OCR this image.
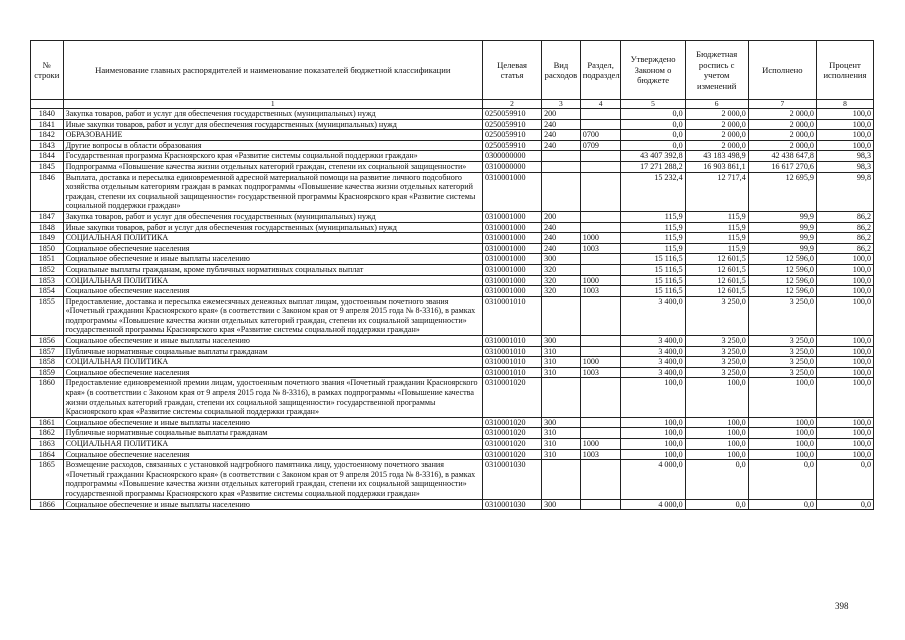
№ строки	Наименование главных распорядителей и наименование показателей бюджетной классификации	Целевая статья	Вид расходов	Раздел, подраздел	Утверждено Законом о бюджете	Бюджетная роспись с учетом изменений	Исполнено	Процент исполнения
	1	2	3	4	5	6	7	8
1840	Закупка товаров, работ и услуг для обеспечения государственных (муниципальных) нужд	0250059910	200		0,0	2 000,0	2 000,0	100,0
1841	Иные закупки товаров, работ и услуг для обеспечения государственных (муниципальных) нужд	0250059910	240		0,0	2 000,0	2 000,0	100,0
1842	ОБРАЗОВАНИЕ	0250059910	240	0700	0,0	2 000,0	2 000,0	100,0
1843	Другие вопросы в области образования	0250059910	240	0709	0,0	2 000,0	2 000,0	100,0
1844	Государственная программа Красноярского края «Развитие системы социальной поддержки граждан»	0300000000			43 407 392,8	43 183 498,9	42 438 647,8	98,3
1845	Подпрограмма «Повышение качества жизни отдельных категорий граждан, степени их социальной защищенности»	0310000000			17 271 288,2	16 903 861,1	16 617 270,6	98,3
1846	Выплата, доставка и пересылка единовременной адресной материальной помощи на развитие личного подсобного хозяйства отдельным категориям граждан в рамках подпрограммы «Повышение качества жизни отдельных категорий граждан, степени их социальной защищенности» государственной программы Красноярского края «Развитие системы социальной поддержки граждан»	0310001000			15 232,4	12 717,4	12 695,9	99,8
1847	Закупка товаров, работ и услуг для обеспечения государственных (муниципальных) нужд	0310001000	200		115,9	115,9	99,9	86,2
1848	Иные закупки товаров, работ и услуг для обеспечения государственных (муниципальных) нужд	0310001000	240		115,9	115,9	99,9	86,2
1849	СОЦИАЛЬНАЯ ПОЛИТИКА	0310001000	240	1000	115,9	115,9	99,9	86,2
1850	Социальное обеспечение населения	0310001000	240	1003	115,9	115,9	99,9	86,2
1851	Социальное обеспечение и иные выплаты населению	0310001000	300		15 116,5	12 601,5	12 596,0	100,0
1852	Социальные выплаты гражданам, кроме публичных нормативных социальных выплат	0310001000	320		15 116,5	12 601,5	12 596,0	100,0
1853	СОЦИАЛЬНАЯ ПОЛИТИКА	0310001000	320	1000	15 116,5	12 601,5	12 596,0	100,0
1854	Социальное обеспечение населения	0310001000	320	1003	15 116,5	12 601,5	12 596,0	100,0
1855	Предоставление, доставка и пересылка ежемесячных денежных выплат лицам, удостоенным почетного звания «Почетный гражданин Красноярского края» (в соответствии с Законом края от 9 апреля 2015 года № 8-3316), в рамках подпрограммы «Повышение качества жизни отдельных категорий граждан, степени их социальной защищенности» государственной программы Красноярского края «Развитие системы социальной поддержки граждан»	0310001010			3 400,0	3 250,0	3 250,0	100,0
1856	Социальное обеспечение и иные выплаты населению	0310001010	300		3 400,0	3 250,0	3 250,0	100,0
1857	Публичные нормативные социальные выплаты гражданам	0310001010	310		3 400,0	3 250,0	3 250,0	100,0
1858	СОЦИАЛЬНАЯ ПОЛИТИКА	0310001010	310	1000	3 400,0	3 250,0	3 250,0	100,0
1859	Социальное обеспечение населения	0310001010	310	1003	3 400,0	3 250,0	3 250,0	100,0
1860	Предоставление единовременной премии лицам, удостоенным почетного звания «Почетный гражданин Красноярского края» (в соответствии с Законом края от 9 апреля 2015 года № 8-3316), в рамках подпрограммы «Повышение качества жизни отдельных категорий граждан, степени их социальной защищенности» государственной программы Красноярского края «Развитие системы социальной поддержки граждан»	0310001020			100,0	100,0	100,0	100,0
1861	Социальное обеспечение и иные выплаты населению	0310001020	300		100,0	100,0	100,0	100,0
1862	Публичные нормативные социальные выплаты гражданам	0310001020	310		100,0	100,0	100,0	100,0
1863	СОЦИАЛЬНАЯ ПОЛИТИКА	0310001020	310	1000	100,0	100,0	100,0	100,0
1864	Социальное обеспечение населения	0310001020	310	1003	100,0	100,0	100,0	100,0
1865	Возмещение расходов, связанных с установкой надгробного памятника лицу, удостоенному почетного звания «Почетный гражданин Красноярского края» (в соответствии с Законом края от 9 апреля 2015 года № 8-3316), в рамках подпрограммы «Повышение качества жизни отдельных категорий граждан, степени их социальной защищенности» государственной программы Красноярского края «Развитие системы социальной поддержки граждан»	0310001030			4 000,0	0,0	0,0	0,0
1866	Социальное обеспечение и иные выплаты населению	0310001030	300		4 000,0	0,0	0,0	0,0
398
